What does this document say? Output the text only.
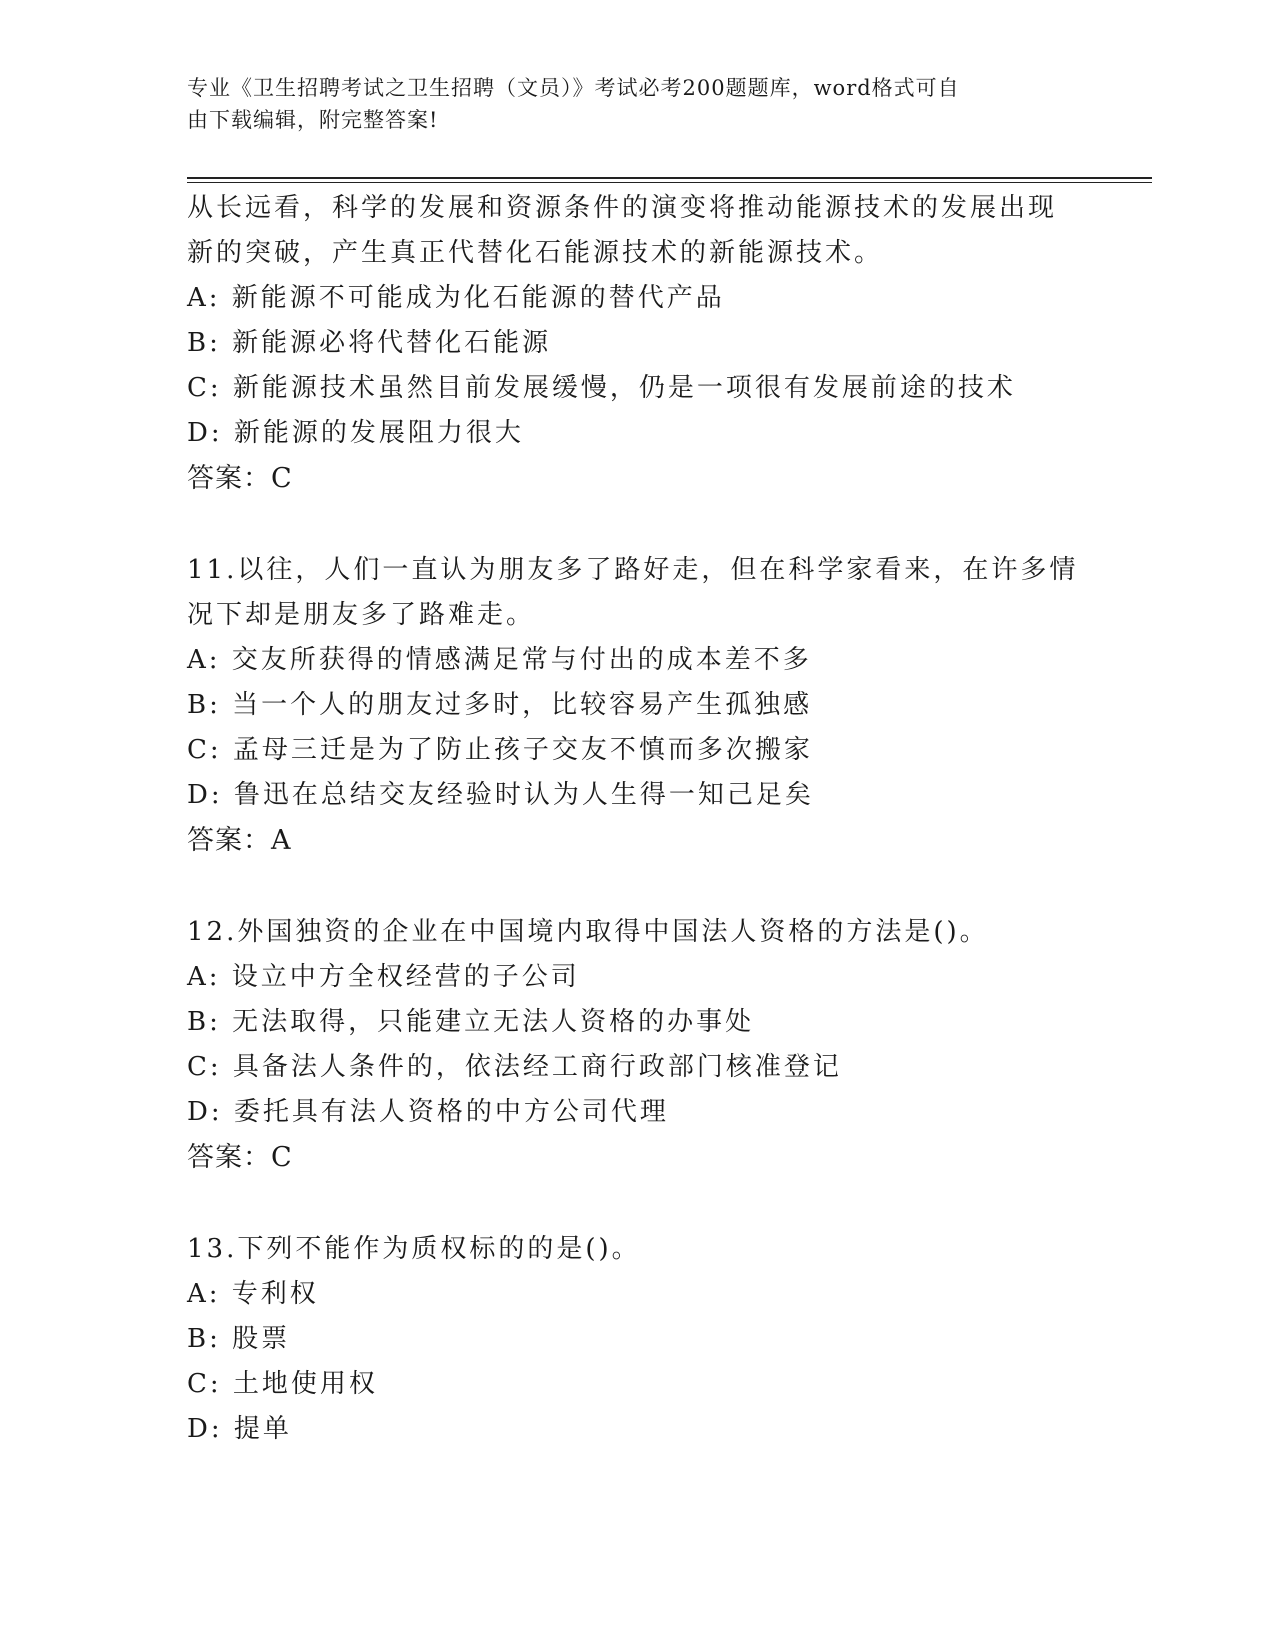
专业《卫生招聘考试之卫生招聘（文员）》考试必考200题题库，word格式可自
由下载编辑，附完整答案!
从长远看，科学的发展和资源条件的演变将推动能源技术的发展出现
新的突破，产生真正代替化石能源技术的新能源技术。
A: 新能源不可能成为化石能源的替代产品
B: 新能源必将代替化石能源
C: 新能源技术虽然目前发展缓慢，仍是一项很有发展前途的技术
D: 新能源的发展阻力很大
答案：C
11.以往，人们一直认为朋友多了路好走，但在科学家看来，在许多情
况下却是朋友多了路难走。
A: 交友所获得的情感满足常与付出的成本差不多
B: 当一个人的朋友过多时，比较容易产生孤独感
C: 孟母三迁是为了防止孩子交友不慎而多次搬家
D: 鲁迅在总结交友经验时认为人生得一知己足矣
答案：A
12.外国独资的企业在中国境内取得中国法人资格的方法是()。
A: 设立中方全权经营的子公司
B: 无法取得，只能建立无法人资格的办事处
C: 具备法人条件的，依法经工商行政部门核准登记
D: 委托具有法人资格的中方公司代理
答案：C
13.下列不能作为质权标的的是()。
A: 专利权
B: 股票
C: 土地使用权
D: 提单
